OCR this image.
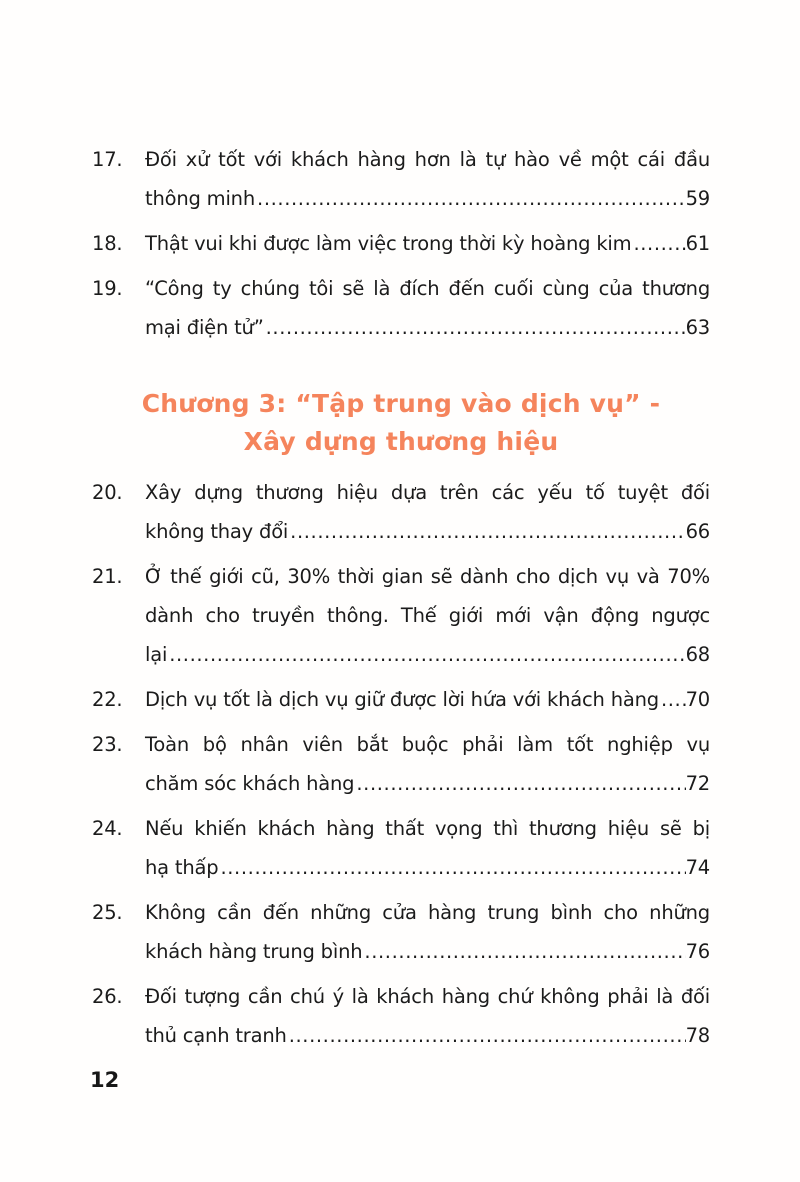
17.	Đối xử tốt với khách hàng hơn là tự hào về một cái đầu
thông minh .....	59
18.	Thật vui khi được làm việc trong thời kỳ hoàng kim .....	61
19.	“Công ty chúng tôi sẽ là đích đến cuối cùng của thương
mại điện tử” .....	63
Chương 3: “Tập trung vào dịch vụ” -
Xây dựng thương hiệu
20.	Xây dựng thương hiệu dựa trên các yếu tố tuyệt đối
không thay đổi .....	66
21.	Ở thế giới cũ, 30% thời gian sẽ dành cho dịch vụ và 70%
dành cho truyền thông. Thế giới mới vận động ngược
lại .....	68
22.	Dịch vụ tốt là dịch vụ giữ được lời hứa với khách hàng ..... 70
23.	Toàn bộ nhân viên bắt buộc phải làm tốt nghiệp vụ
chăm sóc khách hàng .....	72
24.	Nếu khiến khách hàng thất vọng thì thương hiệu sẽ bị
hạ thấp .....	74
25.	Không cần đến những cửa hàng trung bình cho những
khách hàng trung bình .....	76
26.	Đối tượng cần chú ý là khách hàng chứ không phải là đối
thủ cạnh tranh .....	78
12
